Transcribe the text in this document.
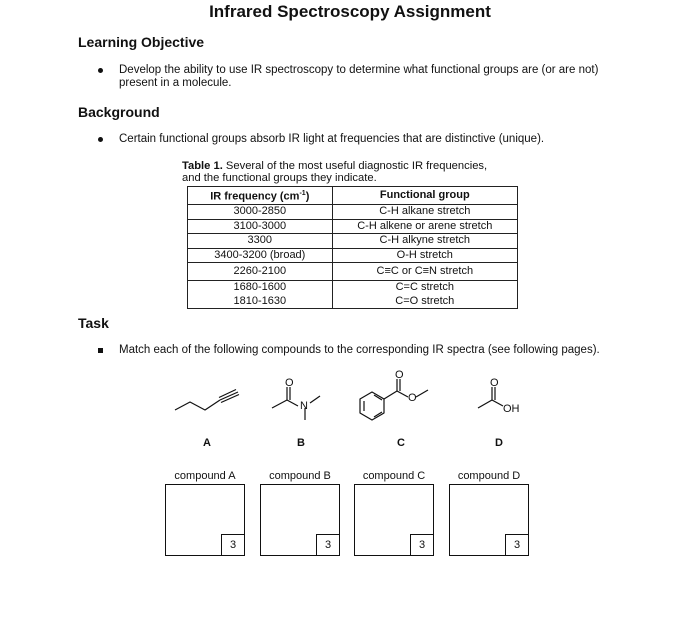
Infrared Spectroscopy Assignment
Learning Objective
Develop the ability to use IR spectroscopy to determine what functional groups are (or are not)
present in a molecule.
Background
Certain functional groups absorb IR light at frequencies that are distinctive (unique).
Table 1. Several of the most useful diagnostic IR frequencies,
and the functional groups they indicate.
IR frequency $(cm^{-1})$	Functional group
3000-2850	C-H alkane stretch
3100-3000	C-H alkene or arene stretch
3300	C-H alkyne stretch
3400-3200 (broad)	O-H stretch
2260-2100	C≡C or C≡N stretch
1680-1600	C=C stretch
1810-1630	C=O stretch
Task
Match each of the following compounds to the corresponding IR spectra (see following pages).
O
N
O
O
O
OH
A	B	C	D
compound A
3
compound B
3
compound C
3
compound D
3
